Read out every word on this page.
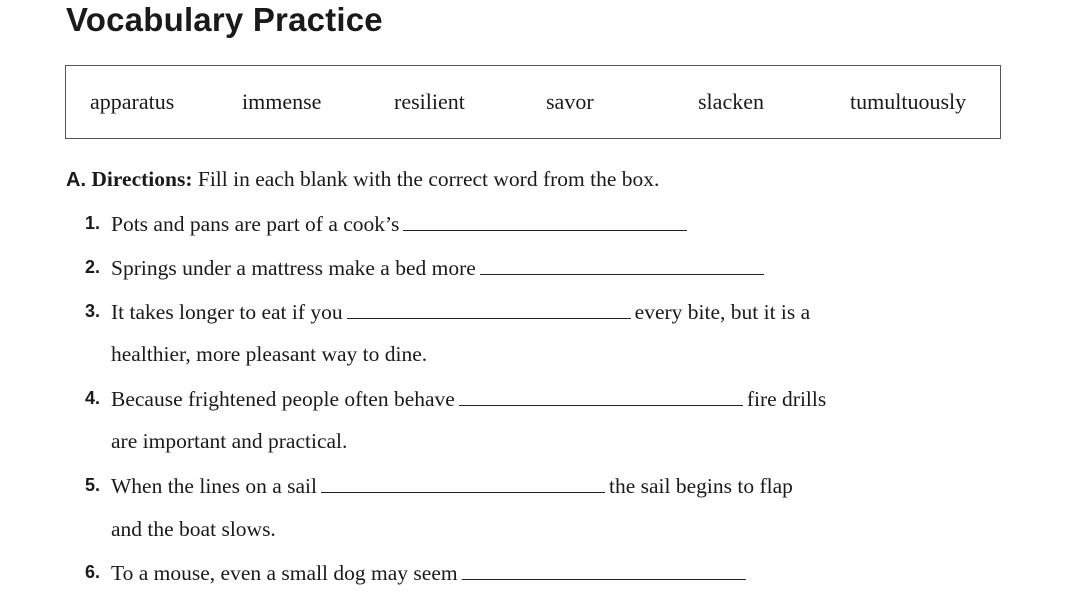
Vocabulary Practice
apparatus	immense	resilient	savor	slacken	tumultuously
A. Directions: Fill in each blank with the correct word from the box.
1. Pots and pans are part of a cook’s
2. Springs under a mattress make a bed more
3. It takes longer to eat if you	every bite, but it is a
healthier, more pleasant way to dine.
4. Because frightened people often behave	fire drills
are important and practical.
5. When the lines on a sail	the sail begins to flap
and the boat slows.
6. To a mouse, even a small dog may seem
